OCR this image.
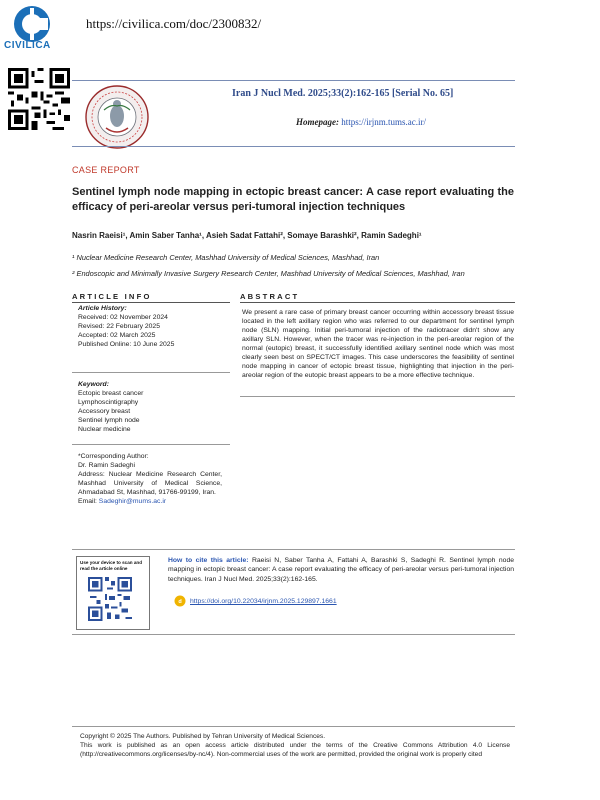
CIVILICA
https://civilica.com/doc/2300832/
Iran J Nucl Med. 2025;33(2):162-165 [Serial No. 65]
Homepage: https://irjnm.tums.ac.ir/
CASE REPORT
Sentinel lymph node mapping in ectopic breast cancer: A case report evaluating the efficacy of peri-areolar versus peri-tumoral injection techniques
Nasrin Raeisi¹, Amin Saber Tanha¹, Asieh Sadat Fattahi², Somaye Barashki², Ramin Sadeghi¹
¹ Nuclear Medicine Research Center, Mashhad University of Medical Sciences, Mashhad, Iran
² Endoscopic and Minimally Invasive Surgery Research Center, Mashhad University of Medical Sciences, Mashhad, Iran
ARTICLE INFO	ABSTRACT
Article History:
Received: 02 November 2024
Revised: 22 February 2025
Accepted: 02 March 2025
Published Online: 10 June 2025
Keyword:
Ectopic breast cancer
Lymphoscintigraphy
Accessory breast
Sentinel lymph node
Nuclear medicine
*Corresponding Author:
Dr. Ramin Sadeghi
Address: Nuclear Medicine Research Center, Mashhad University of Medical Science, Ahmadabad St, Mashhad, 91766-99199, Iran.
Email: Sadeghir@mums.ac.ir
We present a rare case of primary breast cancer occurring within accessory breast tissue located in the left axillary region who was referred to our department for sentinel lymph node (SLN) mapping. Initial peri-tumoral injection of the radiotracer didn't show any axillary SLN. However, when the tracer was re-injection in the peri-areolar region of the normal (eutopic) breast, it successfully identified axillary sentinel node which was most clearly seen best on SPECT/CT images. This case underscores the feasibility of sentinel node mapping in cancer of ectopic breast tissue, highlighting that injection in the peri-areolar region of the eutopic breast appears to be a more effective technique.
Use your device to scan and read the article online
How to cite this article: Raeisi N, Saber Tanha A, Fattahi A, Barashki S, Sadeghi R. Sentinel lymph node mapping in ectopic breast cancer: A case report evaluating the efficacy of peri-areolar versus peri-tumoral injection techniques. Iran J Nucl Med. 2025;33(2):162-165.
d https://doi.org/10.22034/irjnm.2025.129897.1661
Copyright © 2025 The Authors. Published by Tehran University of Medical Sciences.
This work is published as an open access article distributed under the terms of the Creative Commons Attribution 4.0 License (http://creativecommons.org/licenses/by-nc/4). Non-commercial uses of the work are permitted, provided the original work is properly cited
